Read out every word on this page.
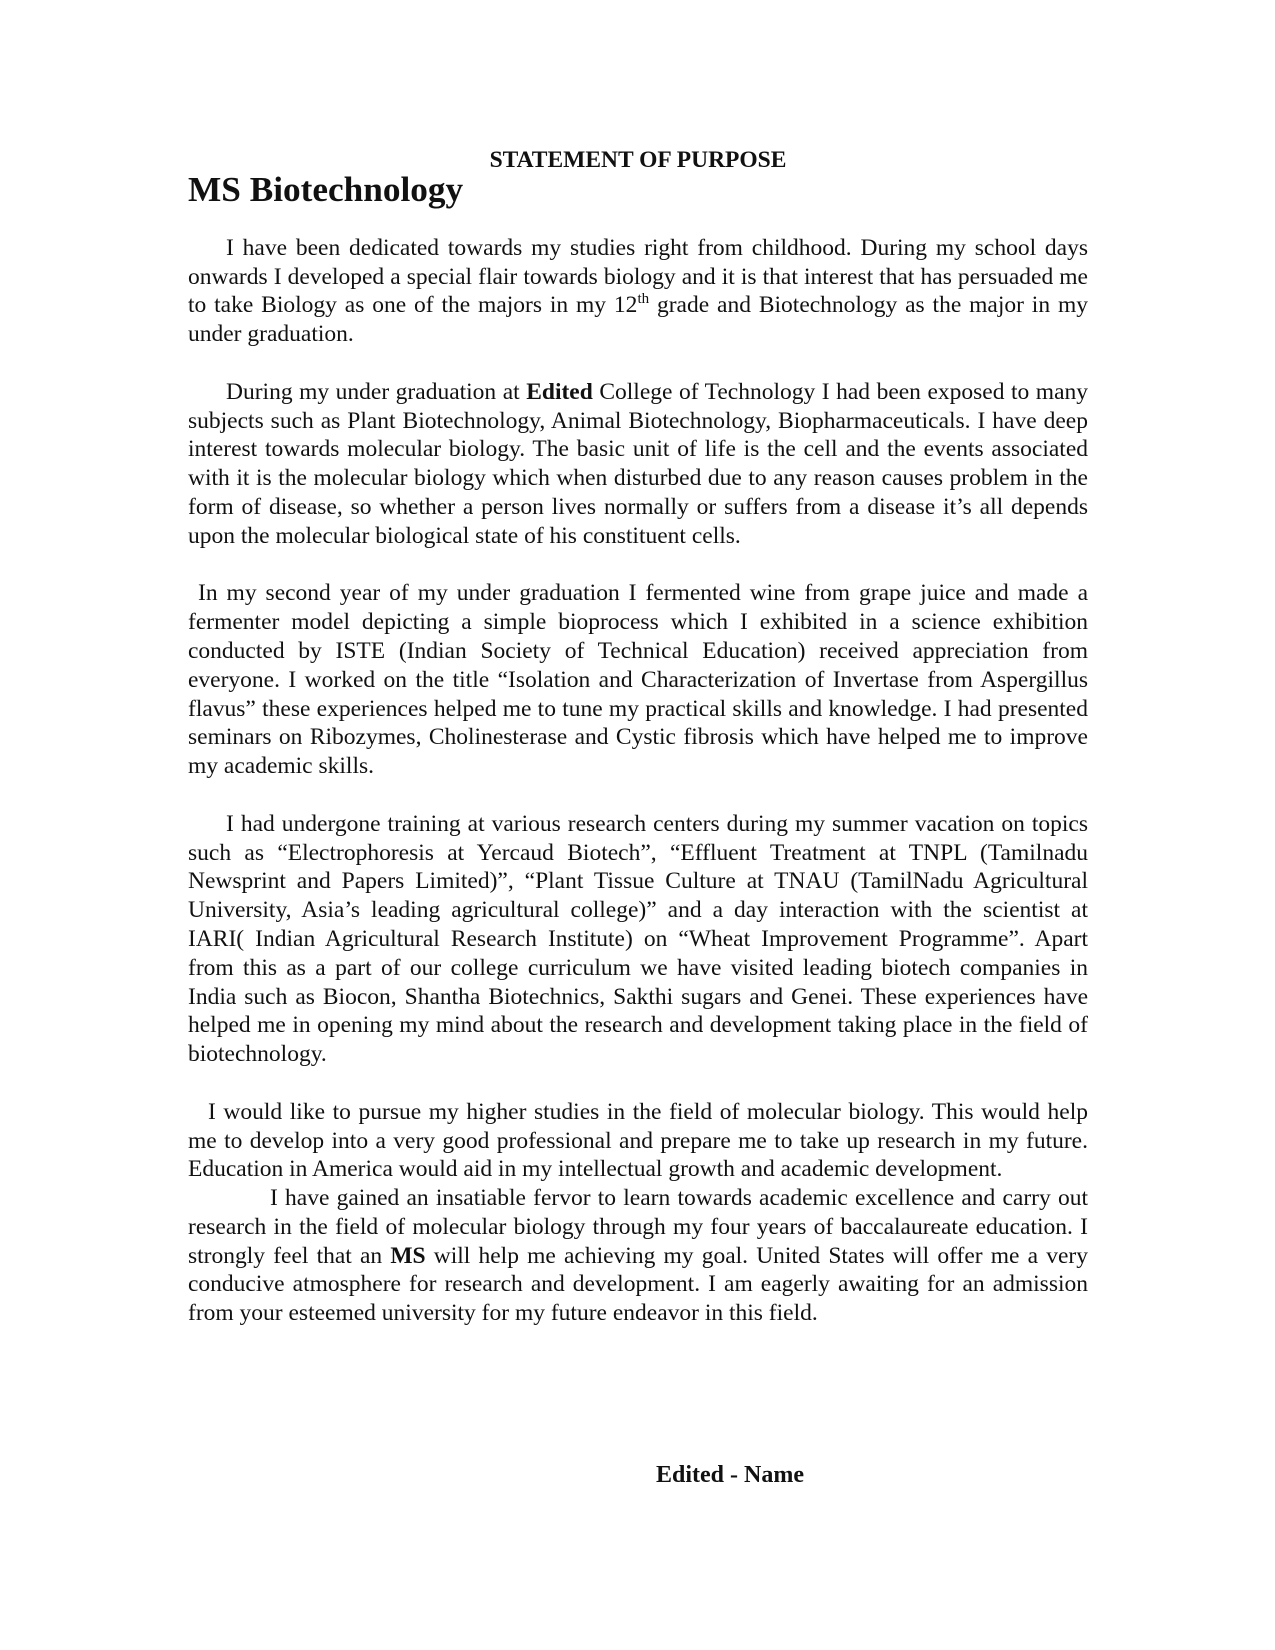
STATEMENT OF PURPOSE
MS Biotechnology

I have been dedicated towards my studies right from childhood. During my school days onwards I developed a special flair towards biology and it is that interest that has persuaded me to take Biology as one of the majors in my 12th grade and Biotechnology as the major in my under graduation.

During my under graduation at Edited College of Technology I had been exposed to many subjects such as Plant Biotechnology, Animal Biotechnology, Biopharmaceuticals. I have deep interest towards molecular biology. The basic unit of life is the cell and the events associated with it is the molecular biology which when disturbed due to any reason causes problem in the form of disease, so whether a person lives normally or suffers from a disease it’s all depends upon the molecular biological state of his constituent cells.

In my second year of my under graduation I fermented wine from grape juice and made a fermenter model depicting a simple bioprocess which I exhibited in a science exhibition conducted by ISTE (Indian Society of Technical Education) received appreciation from everyone. I worked on the title “Isolation and Characterization of Invertase from Aspergillus flavus” these experiences helped me to tune my practical skills and knowledge. I had presented seminars on Ribozymes, Cholinesterase and Cystic fibrosis which have helped me to improve my academic skills.

I had undergone training at various research centers during my summer vacation on topics such as “Electrophoresis at Yercaud Biotech”, “Effluent Treatment at TNPL (Tamilnadu Newsprint and Papers Limited)”, “Plant Tissue Culture at TNAU (TamilNadu Agricultural University, Asia’s leading agricultural college)” and a day interaction with the scientist at IARI( Indian Agricultural Research Institute) on “Wheat Improvement Programme”. Apart from this as a part of our college curriculum we have visited leading biotech companies in India such as Biocon, Shantha Biotechnics, Sakthi sugars and Genei. These experiences have helped me in opening my mind about the research and development taking place in the field of biotechnology.

I would like to pursue my higher studies in the field of molecular biology. This would help me to develop into a very good professional and prepare me to take up research in my future. Education in America would aid in my intellectual growth and academic development.

I have gained an insatiable fervor to learn towards academic excellence and carry out research in the field of molecular biology through my four years of baccalaureate education. I strongly feel that an MS will help me achieving my goal. United States will offer me a very conducive atmosphere for research and development. I am eagerly awaiting for an admission from your esteemed university for my future endeavor in this field.

Edited - Name
